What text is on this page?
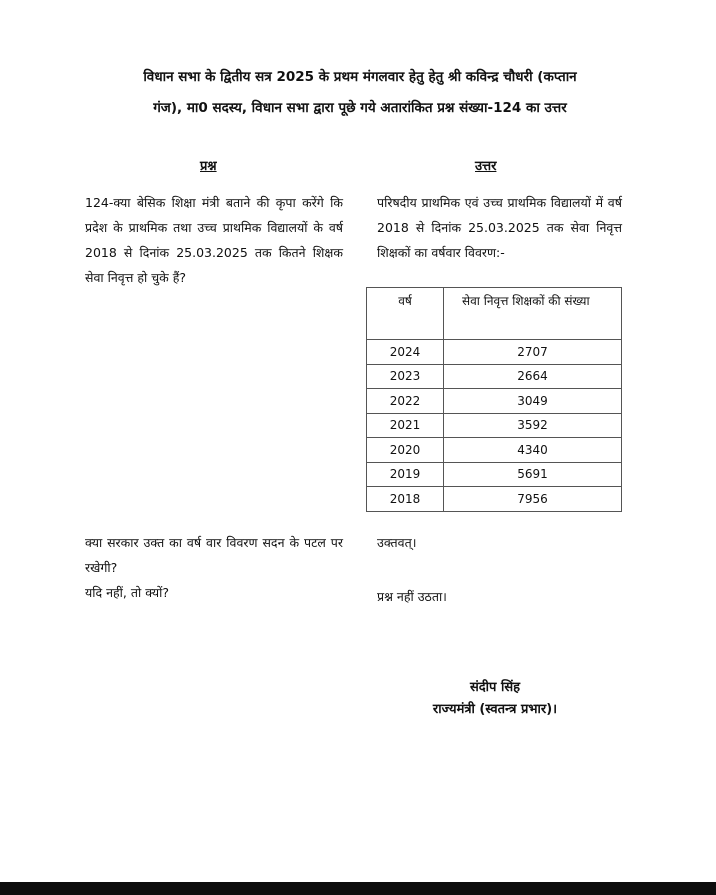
विधान सभा के द्वितीय सत्र 2025 के प्रथम मंगलवार हेतु हेतु श्री कविन्द्र चौधरी (कप्तान
गंज), मा0 सदस्य, विधान सभा द्वारा पूछे गये अतारांकित प्रश्न संख्या-124 का उत्तर
प्रश्न	उत्तर
124-क्या बेसिक शिक्षा मंत्री बताने की कृपा करेंगे कि प्रदेश के प्राथमिक तथा उच्च प्राथमिक विद्यालयों के वर्ष 2018 से दिनांक 25.03.2025 तक कितने शिक्षक सेवा निवृत्त हो चुके हैं?
परिषदीय प्राथमिक एवं उच्च प्राथमिक विद्यालयों में वर्ष 2018 से दिनांक 25.03.2025 तक सेवा निवृत्त शिक्षकों का वर्षवार विवरण:-
वर्ष	सेवा निवृत्त शिक्षकों की संख्या
2024	2707
2023	2664
2022	3049
2021	3592
2020	4340
2019	5691
2018	7956
क्या सरकार उक्त का वर्ष वार विवरण सदन के पटल पर रखेगी?
यदि नहीं, तो क्यों?
उक्तवत्।
प्रश्न नहीं उठता।
संदीप सिंह
राज्यमंत्री (स्वतन्त्र प्रभार)।
